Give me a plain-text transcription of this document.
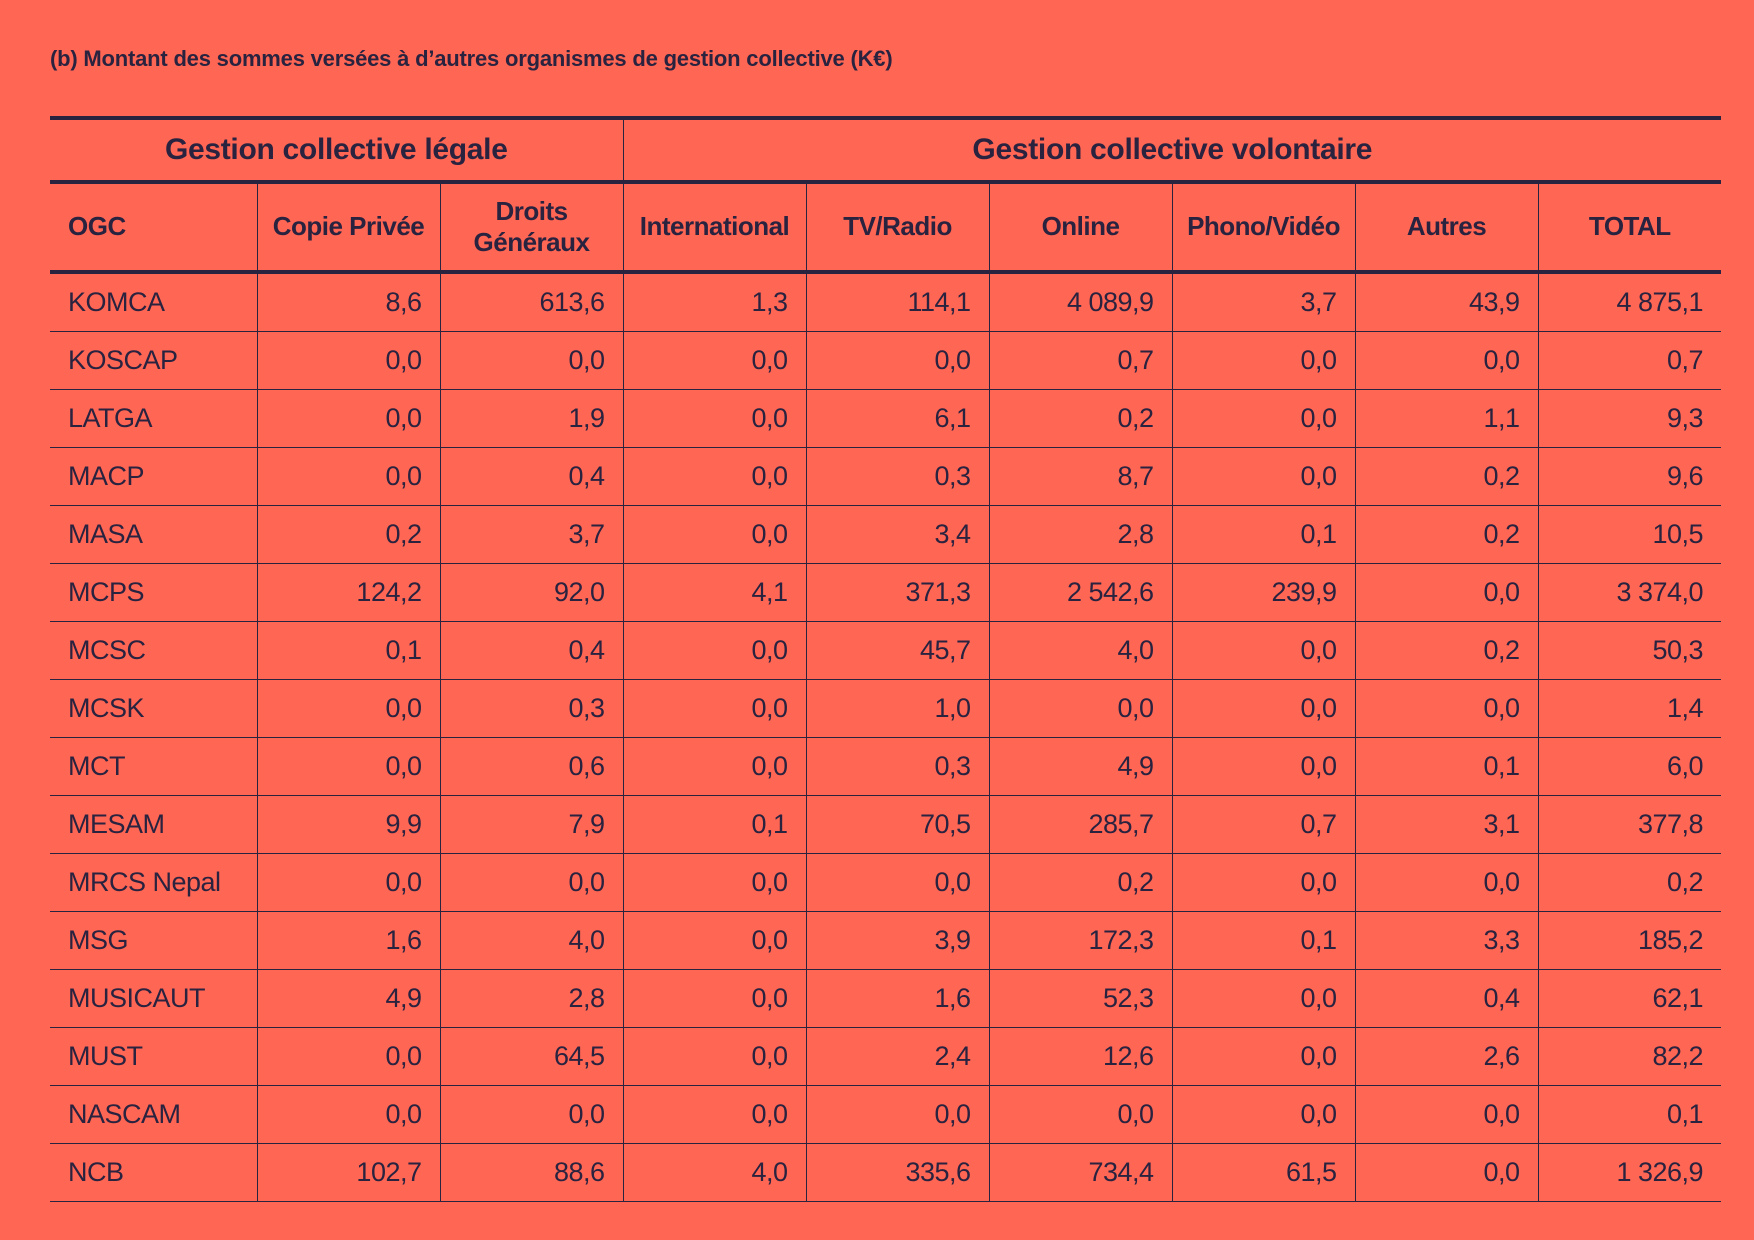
(b) Montant des sommes versées à d’autres organismes de gestion collective (K€)
Gestion collective légale			Gestion collective volontaire					
OGC	Copie Privée	Droits
Généraux	International	TV/Radio	Online	Phono/Vidéo	Autres	TOTAL
KOMCA	8,6	613,6	1,3	114,1	4 089,9	3,7	43,9	4 875,1
KOSCAP	0,0	0,0	0,0	0,0	0,7	0,0	0,0	0,7
LATGA	0,0	1,9	0,0	6,1	0,2	0,0	1,1	9,3
MACP	0,0	0,4	0,0	0,3	8,7	0,0	0,2	9,6
MASA	0,2	3,7	0,0	3,4	2,8	0,1	0,2	10,5
MCPS	124,2	92,0	4,1	371,3	2 542,6	239,9	0,0	3 374,0
MCSC	0,1	0,4	0,0	45,7	4,0	0,0	0,2	50,3
MCSK	0,0	0,3	0,0	1,0	0,0	0,0	0,0	1,4
MCT	0,0	0,6	0,0	0,3	4,9	0,0	0,1	6,0
MESAM	9,9	7,9	0,1	70,5	285,7	0,7	3,1	377,8
MRCS Nepal	0,0	0,0	0,0	0,0	0,2	0,0	0,0	0,2
MSG	1,6	4,0	0,0	3,9	172,3	0,1	3,3	185,2
MUSICAUT	4,9	2,8	0,0	1,6	52,3	0,0	0,4	62,1
MUST	0,0	64,5	0,0	2,4	12,6	0,0	2,6	82,2
NASCAM	0,0	0,0	0,0	0,0	0,0	0,0	0,0	0,1
NCB	102,7	88,6	4,0	335,6	734,4	61,5	0,0	1 326,9
